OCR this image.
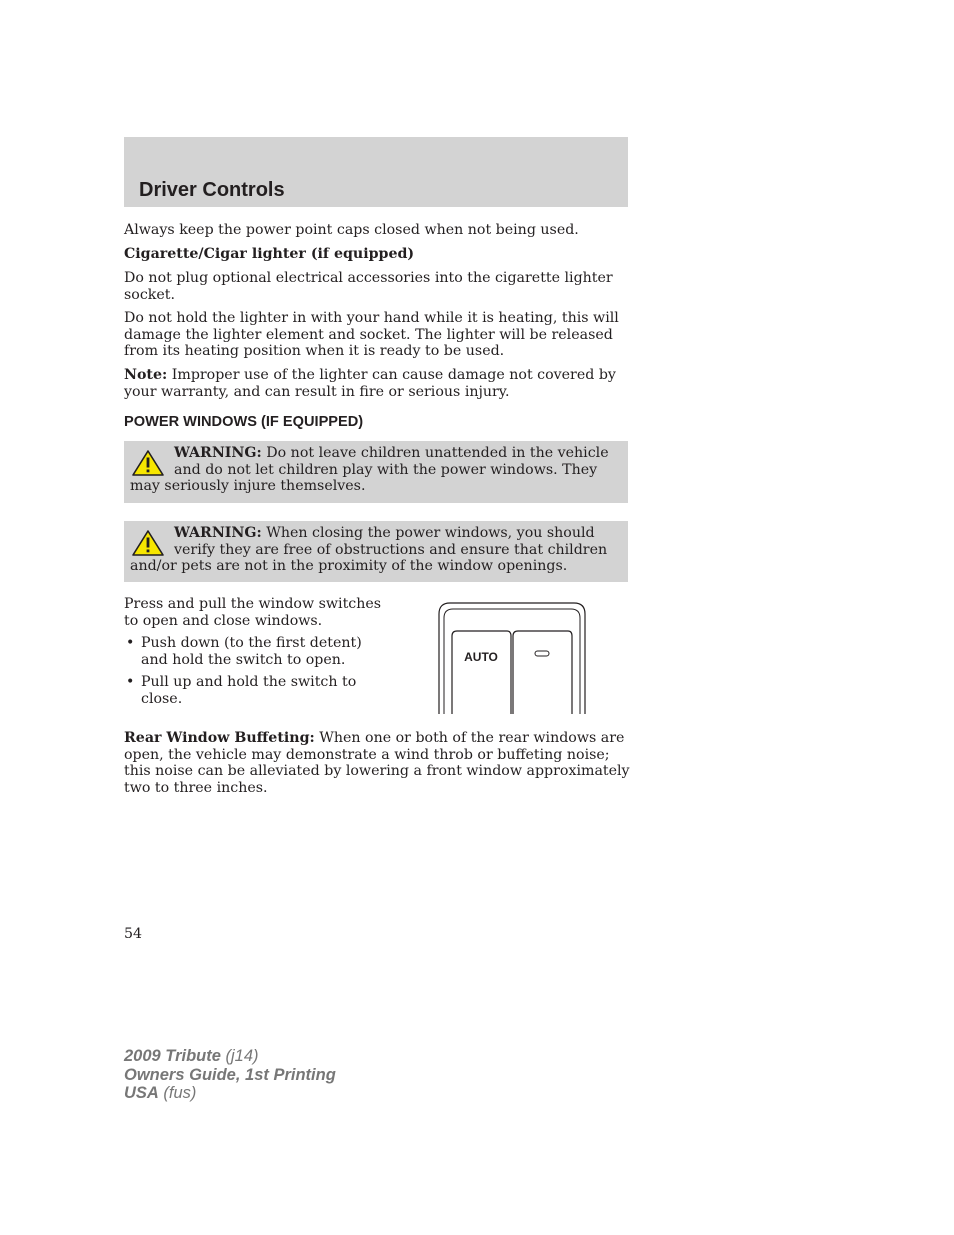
Driver Controls

Always keep the power point caps closed when not being used.

Cigarette/Cigar lighter (if equipped)

Do not plug optional electrical accessories into the cigarette lighter socket.

Do not hold the lighter in with your hand while it is heating, this will damage the lighter element and socket. The lighter will be released from its heating position when it is ready to be used.

Note: Improper use of the lighter can cause damage not covered by your warranty, and can result in fire or serious injury.

POWER WINDOWS (IF EQUIPPED)
WARNING: Do not leave children unattended in the vehicle and do not let children play with the power windows. They may seriously injure themselves.
WARNING: When closing the power windows, you should verify they are free of obstructions and ensure that children and/or pets are not in the proximity of the window openings.

Press and pull the window switches to open and close windows.

• Push down (to the first detent) and hold the switch to open.
• Pull up and hold the switch to close.
AUTO

Rear Window Buffeting: When one or both of the rear windows are open, the vehicle may demonstrate a wind throb or buffeting noise; this noise can be alleviated by lowering a front window approximately two to three inches.

54
2009 Tribute (j14)
Owners Guide, 1st Printing
USA (fus)
